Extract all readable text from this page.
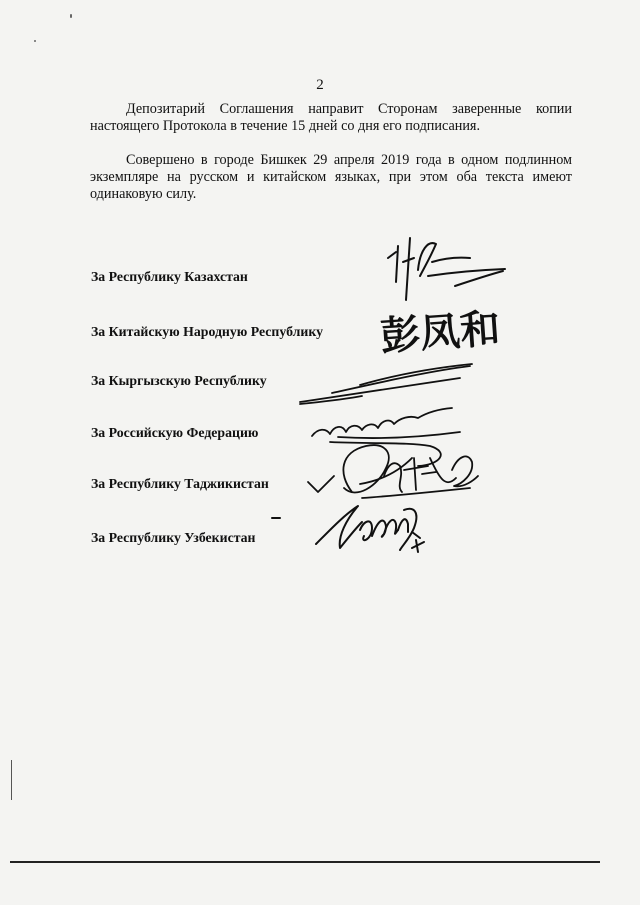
2

Депозитарий Соглашения направит Сторонам заверенные копии настоящего Протокола в течение 15 дней со дня его подписания.

Совершено в городе Бишкек 29 апреля 2019 года в одном подлинном экземпляре на русском и китайском языках, при этом оба текста имеют одинаковую силу.

За Республику Казахстан
За Китайскую Народную Республику
За Кыргызскую Республику
За Российскую Федерацию
За Республику Таджикистан
За Республику Узбекистан
彭凤和
